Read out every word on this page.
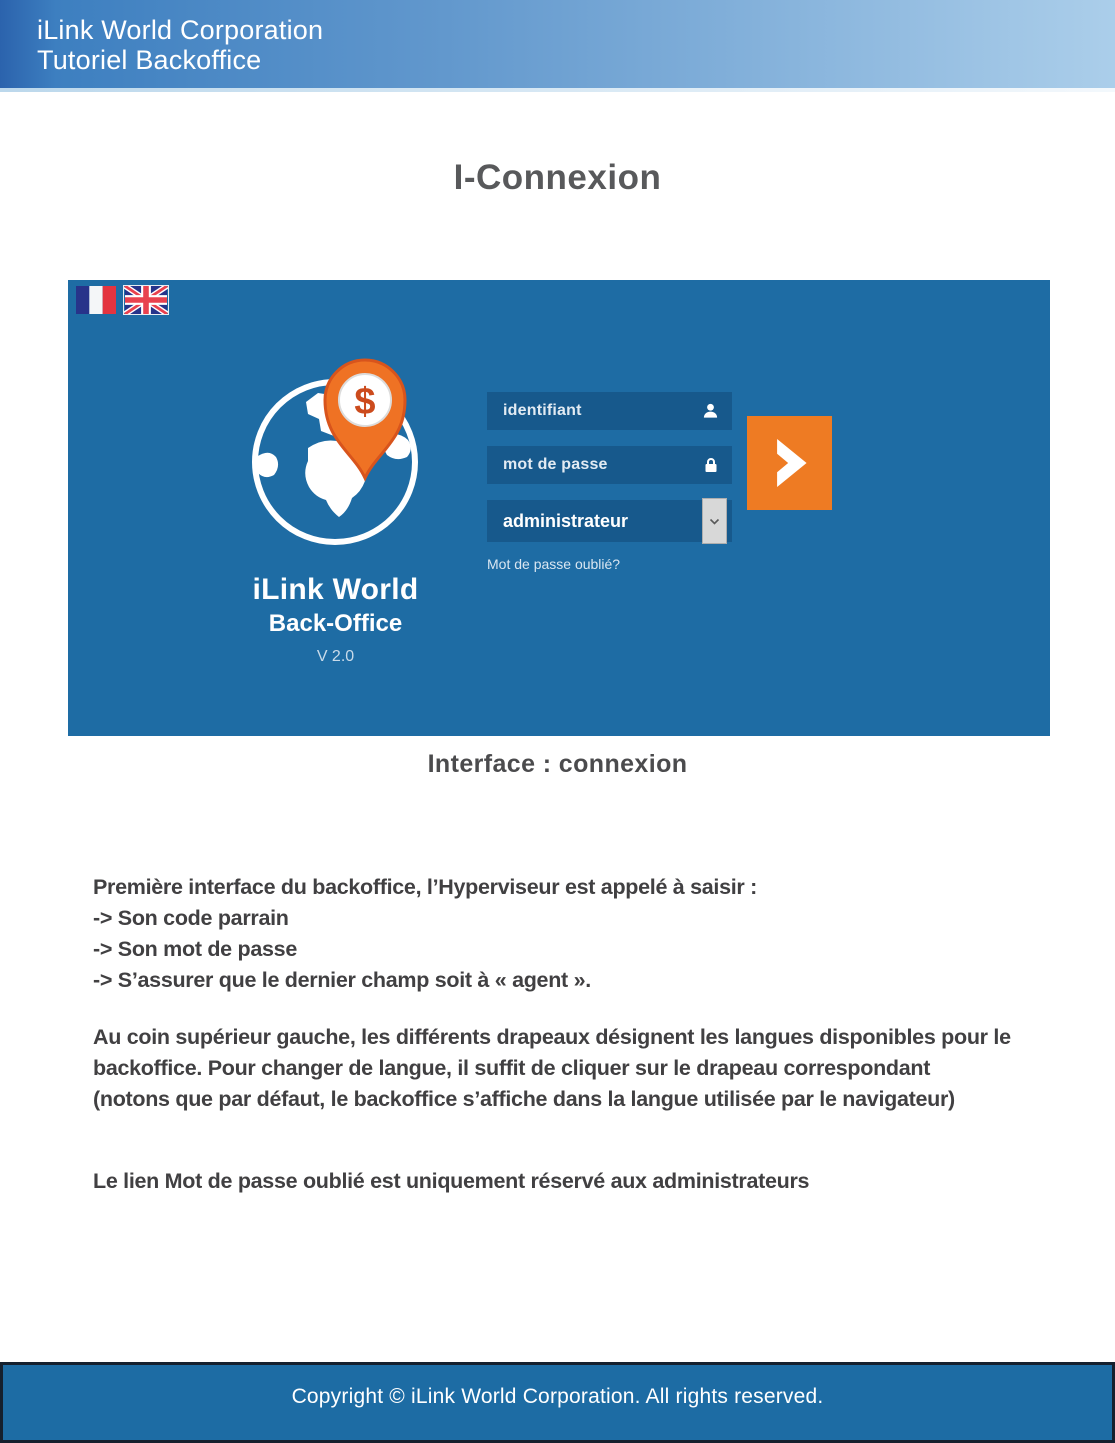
iLink World Corporation
Tutoriel Backoffice
I-Connexion
$
iLink World
Back-Office
V 2.0
identifiant
mot de passe
administrateur
Mot de passe oublié?
Interface : connexion
Première interface du backoffice, l’Hyperviseur est appelé à saisir :
-> Son code parrain
-> Son mot de passe
-> S’assurer que le dernier champ soit à « agent ».
Au coin supérieur gauche, les différents drapeaux désignent les langues disponibles pour le
backoffice. Pour changer de langue, il suffit de cliquer sur le drapeau correspondant
(notons que par défaut, le backoffice s’affiche dans la langue utilisée par le navigateur)
Le lien Mot de passe oublié est uniquement réservé aux administrateurs
Copyright © iLink World Corporation. All rights reserved.
